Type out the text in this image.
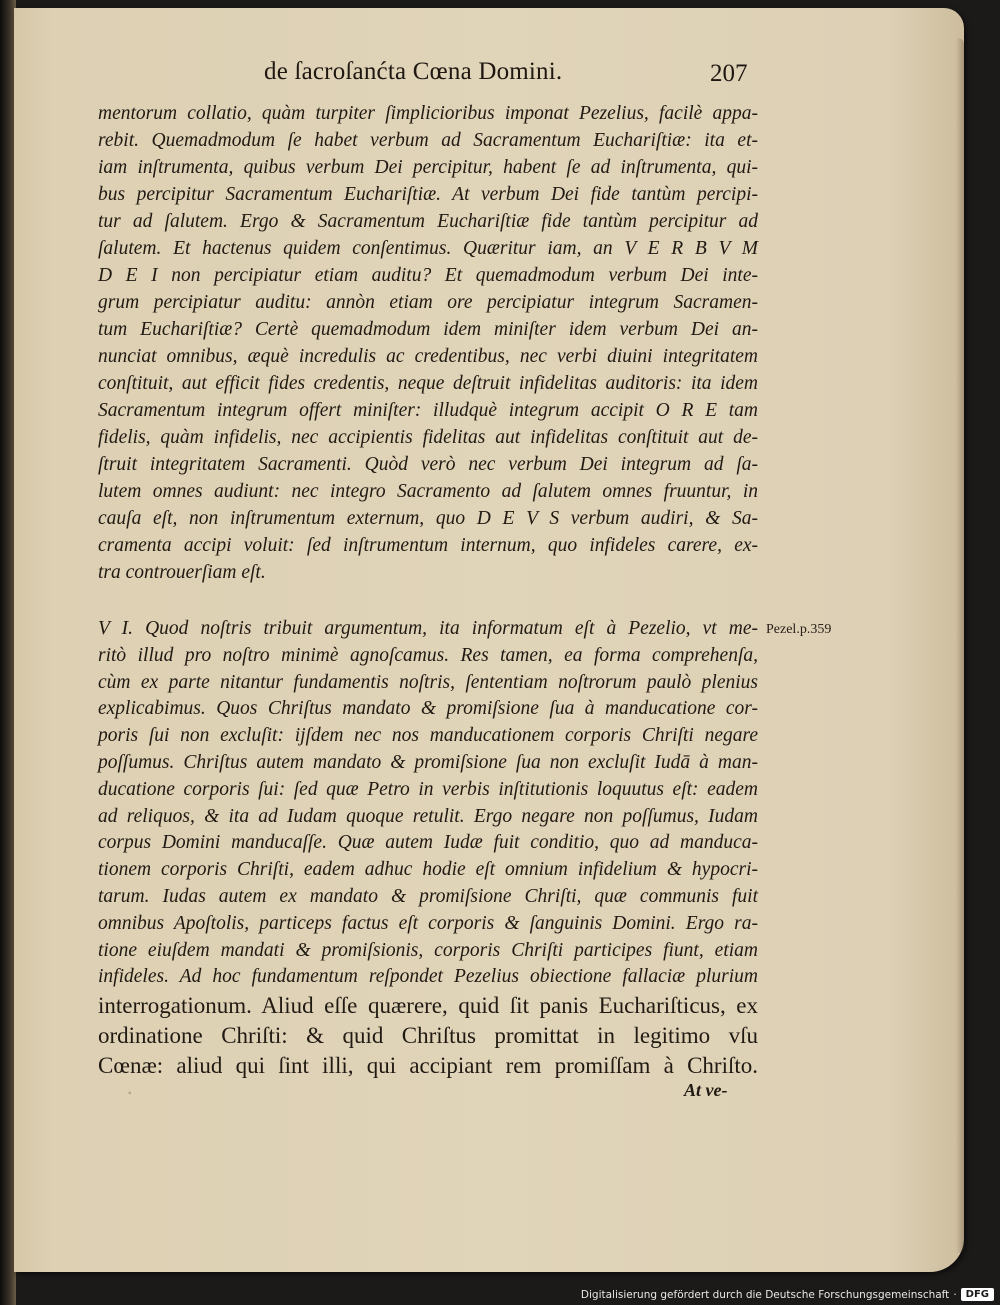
de ſacroſanćta Cœna Domini.	207
mentorum collatio, quàm turpiter ſimplicioribus imponat Pezelius, facilè appa-
rebit. Quemadmodum ſe habet verbum ad Sacramentum Euchariſtiæ: ita et-
iam inſtrumenta, quibus verbum Dei percipitur, habent ſe ad inſtrumenta, qui-
bus percipitur Sacramentum Euchariſtiæ. At verbum Dei fide tantùm percipi-
tur ad ſalutem. Ergo & Sacramentum Euchariſtiæ fide tantùm percipitur ad
ſalutem. Et hactenus quidem conſentimus. Quæritur iam, an V E R B V M
D E I non percipiatur etiam auditu? Et quemadmodum verbum Dei inte-
grum percipiatur auditu: annòn etiam ore percipiatur integrum Sacramen-
tum Euchariſtiæ? Certè quemadmodum idem miniſter idem verbum Dei an-
nunciat omnibus, æquè incredulis ac credentibus, nec verbi diuini integritatem
conſtituit, aut efficit fides credentis, neque deſtruit infidelitas auditoris: ita idem
Sacramentum integrum offert miniſter: illudquè integrum accipit O R E tam
fidelis, quàm infidelis, nec accipientis fidelitas aut infidelitas conſtituit aut de-
ſtruit integritatem Sacramenti. Quòd verò nec verbum Dei integrum ad ſa-
lutem omnes audiunt: nec integro Sacramento ad ſalutem omnes fruuntur, in
cauſa eſt, non inſtrumentum externum, quo D E V S verbum audiri, & Sa-
cramenta accipi voluit: ſed inſtrumentum internum, quo infideles carere, ex-
tra controuerſiam eſt.
Pezel.p.359
V I. Quod noſtris tribuit argumentum, ita informatum eſt à Pezelio, vt me-
ritò illud pro noſtro minimè agnoſcamus. Res tamen, ea forma comprehenſa,
cùm ex parte nitantur fundamentis noſtris, ſententiam noſtrorum paulò plenius
explicabimus. Quos Chriſtus mandato & promiſsione ſua à manducatione cor-
poris ſui non excluſit: ijſdem nec nos manducationem corporis Chriſti negare
poſſumus. Chriſtus autem mandato & promiſsione ſua non excluſit Iudā à man-
ducatione corporis ſui: ſed quæ Petro in verbis inſtitutionis loquutus eſt: eadem
ad reliquos, & ita ad Iudam quoque retulit. Ergo negare non poſſumus, Iudam
corpus Domini manducaſſe. Quæ autem Iudæ fuit conditio, quo ad manduca-
tionem corporis Chriſti, eadem adhuc hodie eſt omnium infidelium & hypocri-
tarum. Iudas autem ex mandato & promiſsione Chriſti, quæ communis fuit
omnibus Apoſtolis, particeps factus eſt corporis & ſanguinis Domini. Ergo ra-
tione eiuſdem mandati & promiſsionis, corporis Chriſti participes fiunt, etiam
infideles. Ad hoc fundamentum reſpondet Pezelius obiectione fallaciæ plurium
interrogationum. Aliud eſſe quærere, quid ſit panis Euchariſticus, ex
ordinatione Chriſti: & quid Chriſtus promittat in legitimo vſu
Cœnæ: aliud qui ſint illi, qui accipiant rem promiſſam à Chriſto.
◦	At ve-
Digitalisierung gefördert durch die Deutsche Forschungsgemeinschaft · DFG
